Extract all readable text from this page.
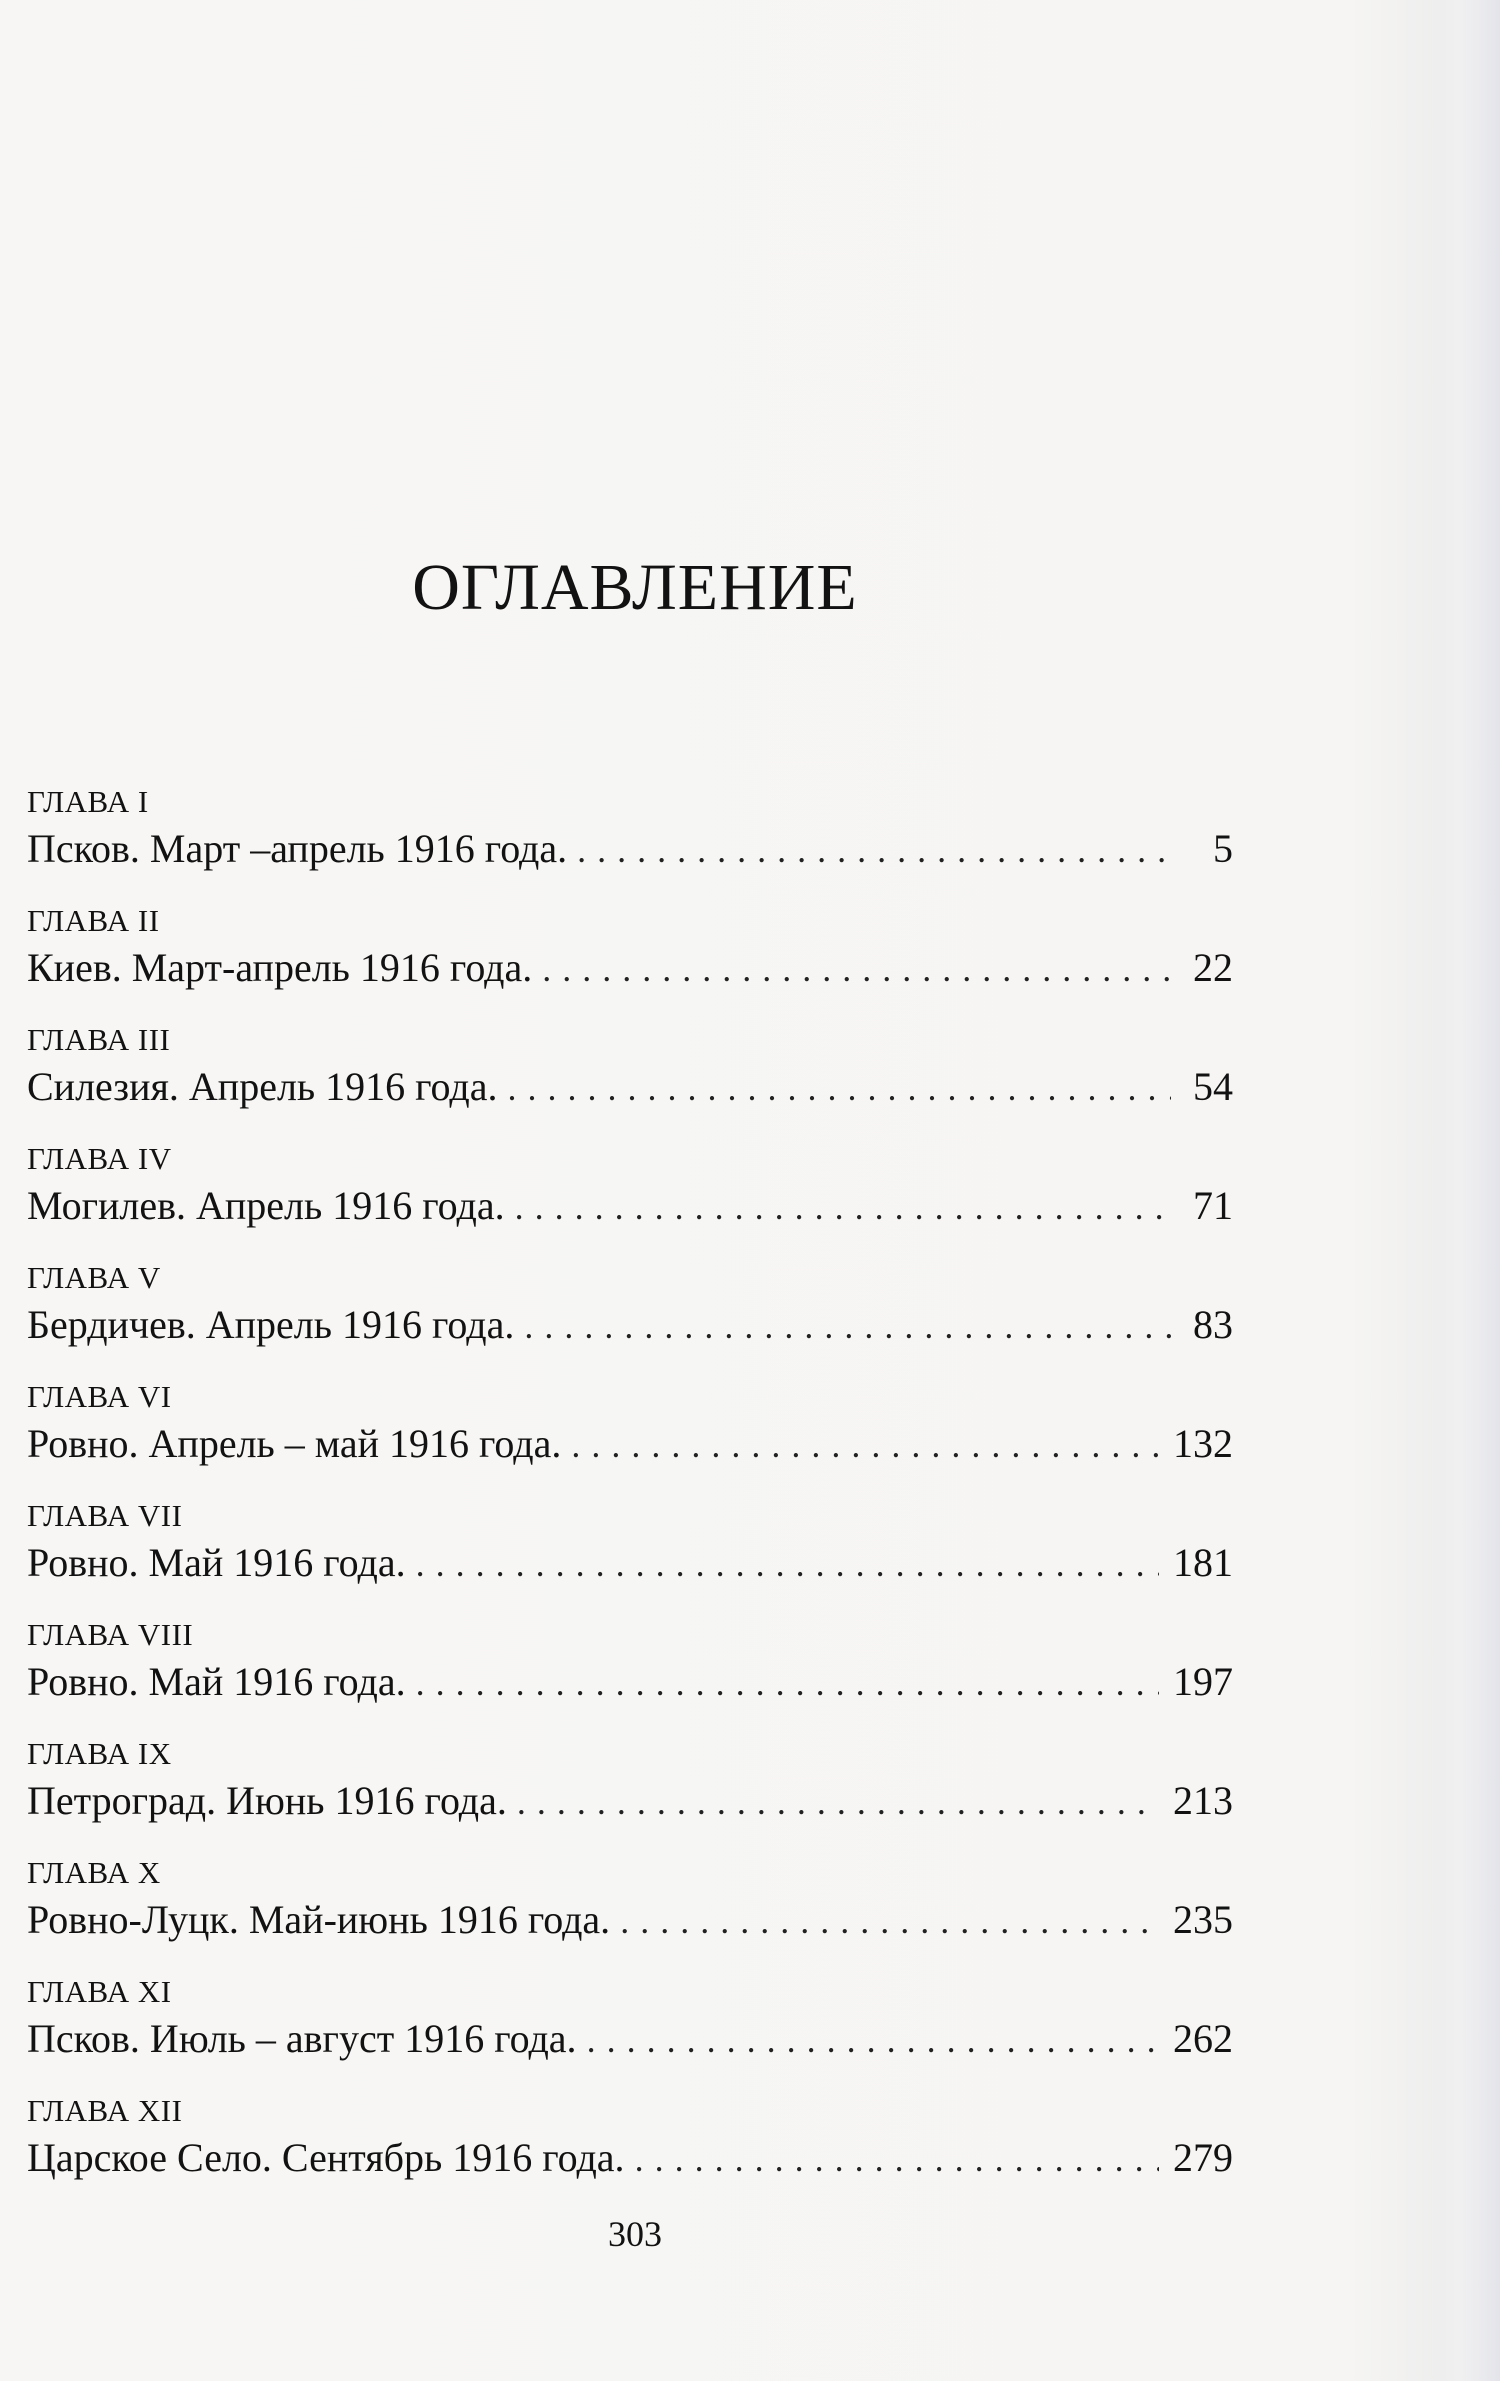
ОГЛАВЛЕНИЕ
ГЛАВА I
Псков. Март –апрель 1916 года. . . .	5
ГЛАВА II
Киев. Март-апрель 1916 года. . . .	22
ГЛАВА III
Силезия. Апрель 1916 года. . . .	54
ГЛАВА IV
Могилев. Апрель 1916 года. . . .	71
ГЛАВА V
Бердичев. Апрель 1916 года. . . .	83
ГЛАВА VI
Ровно. Апрель – май 1916 года. . . .	132
ГЛАВА VII
Ровно. Май 1916 года. . . .	181
ГЛАВА VIII
Ровно. Май 1916 года. . . .	197
ГЛАВА IX
Петроград. Июнь 1916 года. . . .	213
ГЛАВА X
Ровно-Луцк. Май-июнь 1916 года. . . .	235
ГЛАВА XI
Псков. Июль – август 1916 года. . . .	262
ГЛАВА XII
Царское Село. Сентябрь 1916 года. . . .	279
303
